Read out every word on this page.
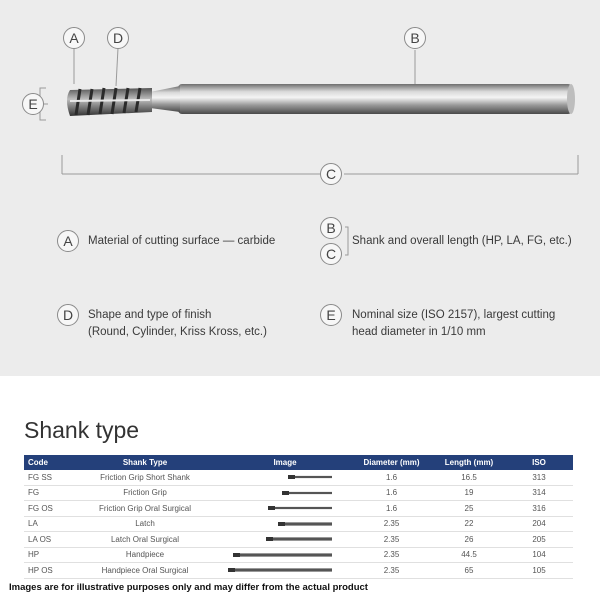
A	D	B
E
C
A	Material of cutting surface — carbide
B
C
Shank and overall length (HP, LA, FG, etc.)
D	Shape and type of finish
(Round, Cylinder, Kriss Kross, etc.)
E	Nominal size (ISO 2157), largest cutting
head diameter in 1/10 mm
Shank type
Code	Shank Type	Image	Diameter (mm)	Length (mm)	ISO
FG SS	Friction Grip Short Shank		1.6	16.5	313
FG	Friction Grip		1.6	19	314
FG OS	Friction Grip Oral Surgical		1.6	25	316
LA	Latch		2.35	22	204
LA OS	Latch Oral Surgical		2.35	26	205
HP	Handpiece		2.35	44.5	104
HP OS	Handpiece Oral Surgical		2.35	65	105
Images are for illustrative purposes only and may differ from the actual product
